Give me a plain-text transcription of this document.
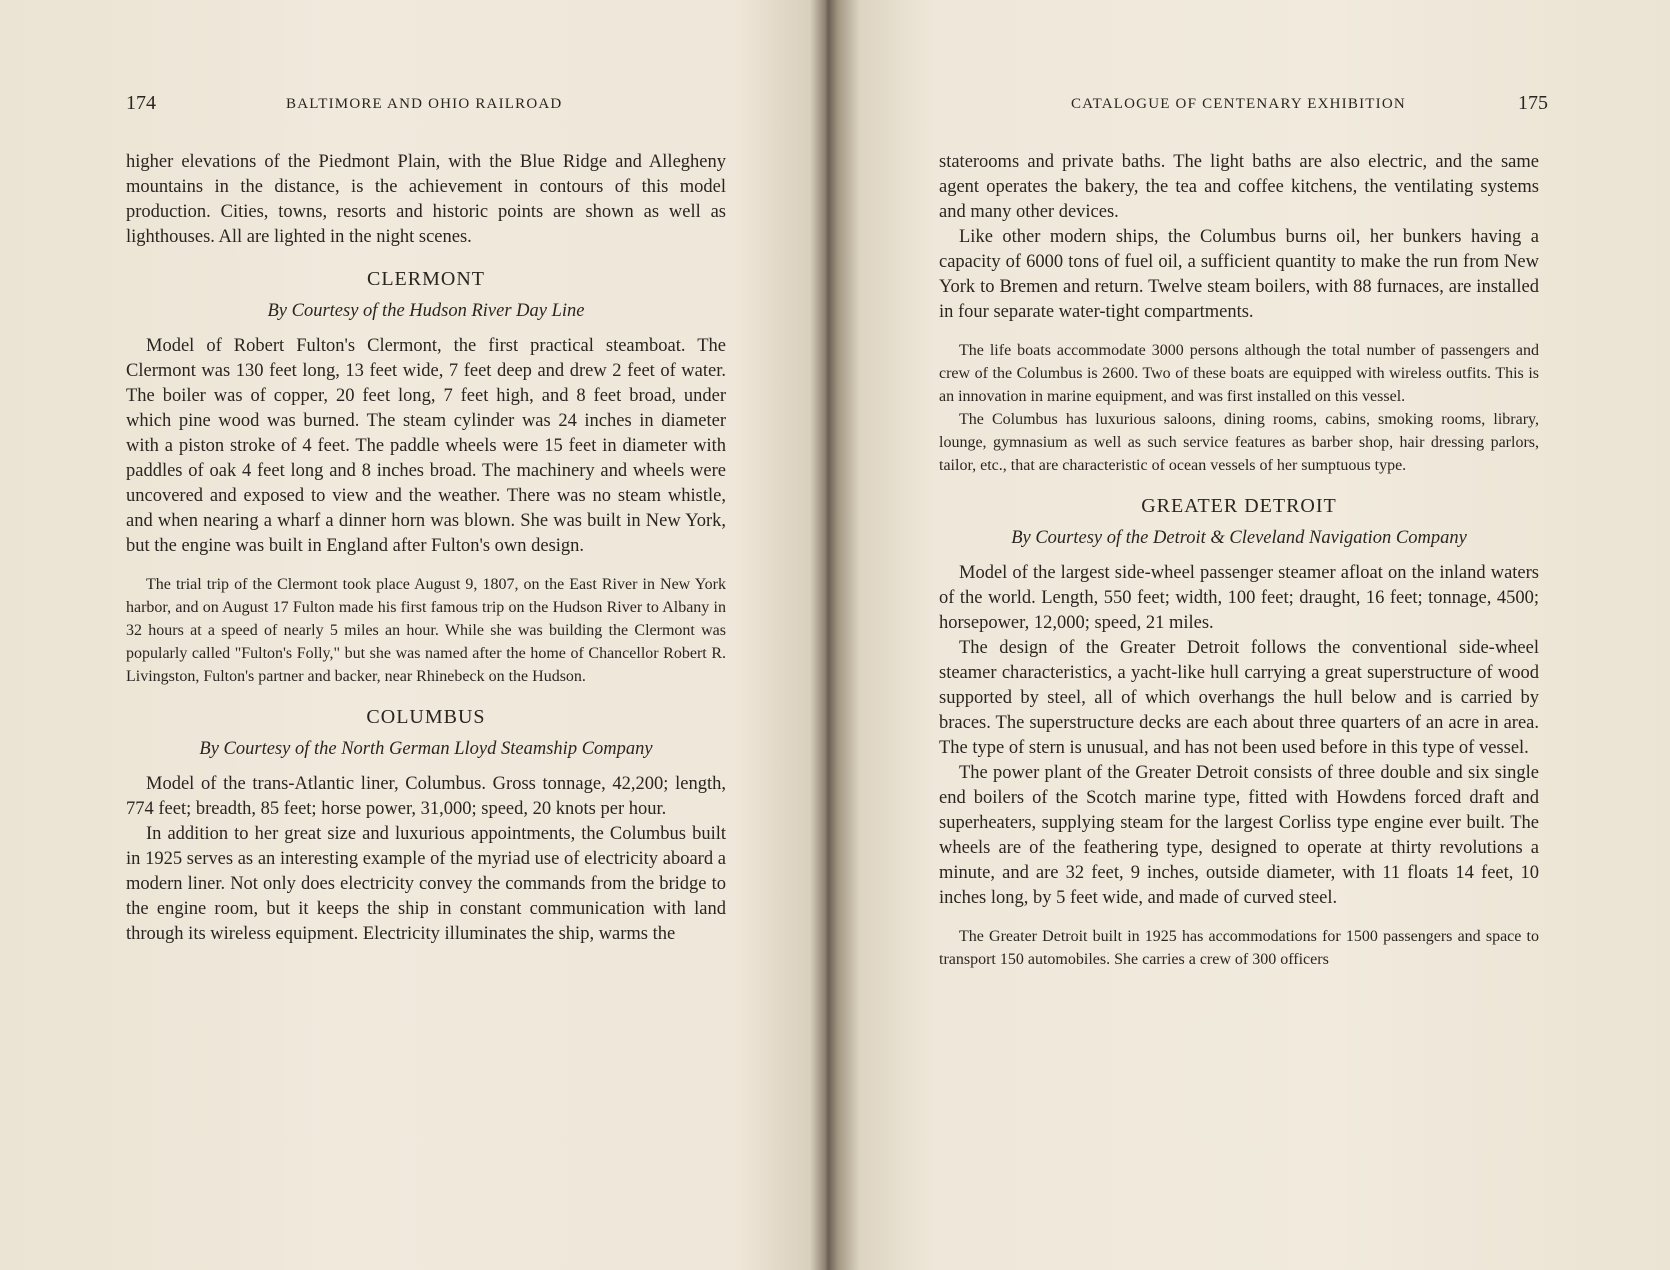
174	BALTIMORE AND OHIO RAILROAD

higher elevations of the Piedmont Plain, with the Blue Ridge and Allegheny mountains in the distance, is the achievement in contours of this model production. Cities, towns, resorts and historic points are shown as well as lighthouses. All are lighted in the night scenes.

CLERMONT
By Courtesy of the Hudson River Day Line

Model of Robert Fulton's Clermont, the first practical steamboat. The Clermont was 130 feet long, 13 feet wide, 7 feet deep and drew 2 feet of water. The boiler was of copper, 20 feet long, 7 feet high, and 8 feet broad, under which pine wood was burned. The steam cylinder was 24 inches in diameter with a piston stroke of 4 feet. The paddle wheels were 15 feet in diameter with paddles of oak 4 feet long and 8 inches broad. The machinery and wheels were uncovered and exposed to view and the weather. There was no steam whistle, and when nearing a wharf a dinner horn was blown. She was built in New York, but the engine was built in England after Fulton's own design.

The trial trip of the Clermont took place August 9, 1807, on the East River in New York harbor, and on August 17 Fulton made his first famous trip on the Hudson River to Albany in 32 hours at a speed of nearly 5 miles an hour. While she was building the Clermont was popularly called "Fulton's Folly," but she was named after the home of Chancellor Robert R. Livingston, Fulton's partner and backer, near Rhinebeck on the Hudson.

COLUMBUS
By Courtesy of the North German Lloyd Steamship Company

Model of the trans-Atlantic liner, Columbus. Gross tonnage, 42,200; length, 774 feet; breadth, 85 feet; horse power, 31,000; speed, 20 knots per hour.

In addition to her great size and luxurious appointments, the Columbus built in 1925 serves as an interesting example of the myriad use of electricity aboard a modern liner. Not only does electricity convey the commands from the bridge to the engine room, but it keeps the ship in constant communication with land through its wireless equipment. Electricity illuminates the ship, warms the

CATALOGUE OF CENTENARY EXHIBITION	175

staterooms and private baths. The light baths are also electric, and the same agent operates the bakery, the tea and coffee kitchens, the ventilating systems and many other devices.

Like other modern ships, the Columbus burns oil, her bunkers having a capacity of 6000 tons of fuel oil, a sufficient quantity to make the run from New York to Bremen and return. Twelve steam boilers, with 88 furnaces, are installed in four separate water-tight compartments.

The life boats accommodate 3000 persons although the total number of passengers and crew of the Columbus is 2600. Two of these boats are equipped with wireless outfits. This is an innovation in marine equipment, and was first installed on this vessel.

The Columbus has luxurious saloons, dining rooms, cabins, smoking rooms, library, lounge, gymnasium as well as such service features as barber shop, hair dressing parlors, tailor, etc., that are characteristic of ocean vessels of her sumptuous type.

GREATER DETROIT
By Courtesy of the Detroit & Cleveland Navigation Company

Model of the largest side-wheel passenger steamer afloat on the inland waters of the world. Length, 550 feet; width, 100 feet; draught, 16 feet; tonnage, 4500; horsepower, 12,000; speed, 21 miles.

The design of the Greater Detroit follows the conventional side-wheel steamer characteristics, a yacht-like hull carrying a great superstructure of wood supported by steel, all of which overhangs the hull below and is carried by braces. The superstructure decks are each about three quarters of an acre in area. The type of stern is unusual, and has not been used before in this type of vessel.

The power plant of the Greater Detroit consists of three double and six single end boilers of the Scotch marine type, fitted with Howdens forced draft and superheaters, supplying steam for the largest Corliss type engine ever built. The wheels are of the feathering type, designed to operate at thirty revolutions a minute, and are 32 feet, 9 inches, outside diameter, with 11 floats 14 feet, 10 inches long, by 5 feet wide, and made of curved steel.

The Greater Detroit built in 1925 has accommodations for 1500 passengers and space to transport 150 automobiles. She carries a crew of 300 officers
